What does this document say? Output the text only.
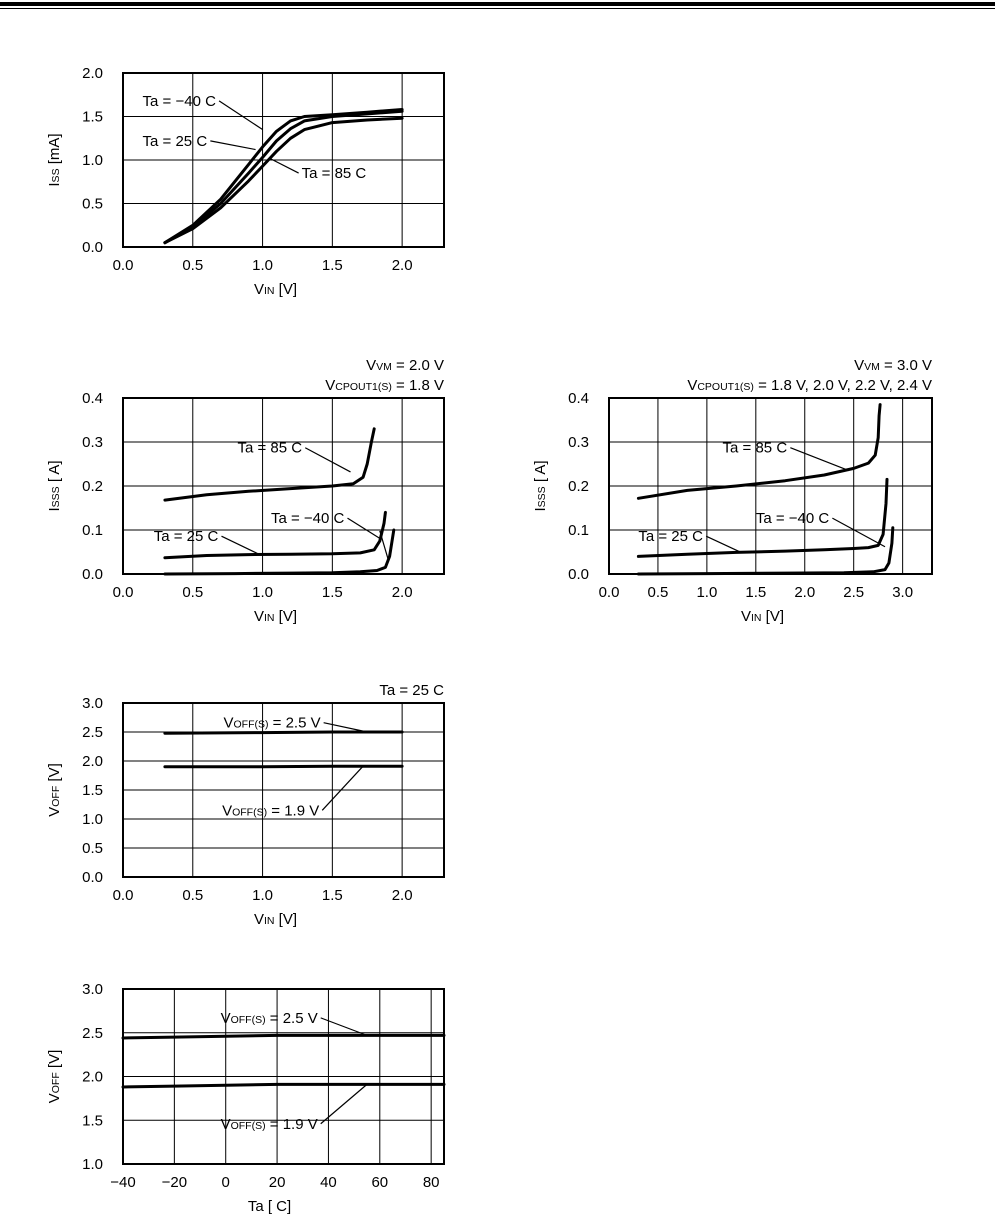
0.0	0.5	1.0	1.5	2.0
0.0
0.5
1.0
1.5
2.0
VIN [V]
ISS [mA]
Ta = −40 C
Ta = 25 C
Ta = 85 C
0.0	0.5	1.0	1.5	2.0
0.0
0.1
0.2
0.3
0.4
VIN [V]
ISSS [ A]
VVM = 2.0 V
VCPOUT1(S) = 1.8 V
Ta = 85 C
Ta = 25 C
Ta = −40 C
0.0 0.5 1.0 1.5 2.0 2.5 3.0
0.0
0.1
0.2
0.3
0.4
VIN [V]
ISSS [ A]
VVM = 3.0 V
VCPOUT1(S) = 1.8 V, 2.0 V, 2.2 V, 2.4 V
Ta = 85 C
Ta = 25 C
Ta = −40 C
0.0	0.5	1.0	1.5	2.0
0.0
0.5
1.0
1.5
2.0
2.5
3.0
VIN [V]
VOFF [V]
Ta = 25 C
VOFF(S) = 2.5 V
VOFF(S) = 1.9 V
−40 −20 0	20 40 60 80
1.0
1.5
2.0
2.5
3.0
Ta [ C]
VOFF [V]
VOFF(S) = 2.5 V
VOFF(S) = 1.9 V
